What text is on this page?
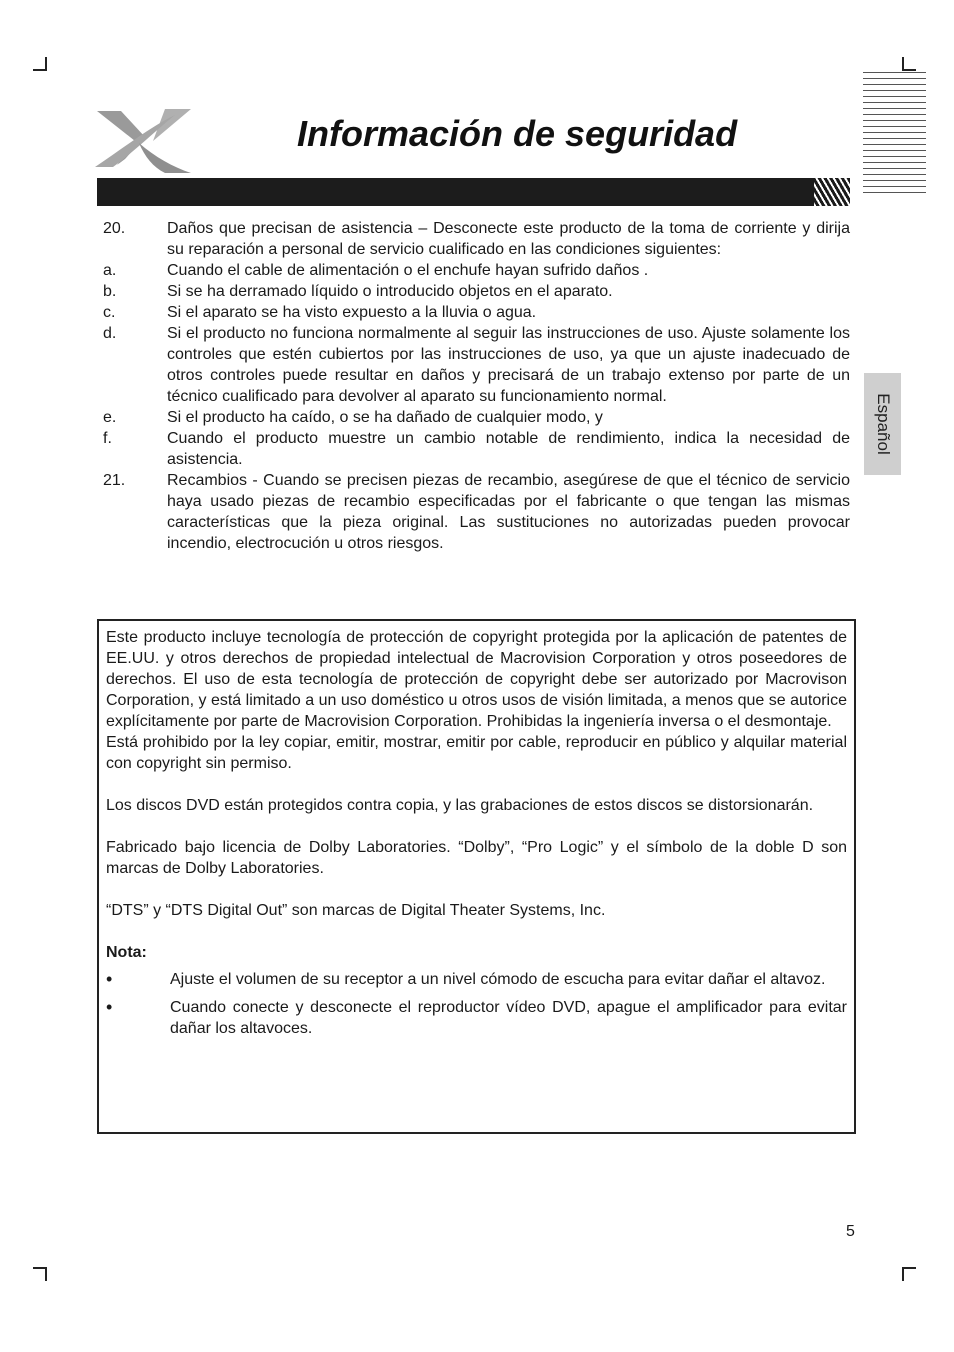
Información de seguridad
Español
20.	Daños que precisan de asistencia – Desconecte este producto de la toma de corriente y dirija su reparación a personal de servicio cualificado en las condiciones siguientes:
a.	Cuando el cable de alimentación o el enchufe hayan sufrido daños .
b.	Si se ha derramado líquido o introducido objetos en el aparato.
c.	Si el aparato se ha visto expuesto a la lluvia o agua.
d.	Si el producto no funciona normalmente al seguir las instrucciones de uso. Ajuste solamente los controles que estén cubiertos por las instrucciones de uso, ya que un ajuste inadecuado de otros controles puede resultar en daños y precisará de un trabajo extenso por parte de un técnico cualificado para devolver al aparato su funcionamiento normal.
e.	Si el producto ha caído, o se ha dañado de cualquier modo, y
f.	Cuando el producto muestre un cambio notable de rendimiento, indica la necesidad de asistencia.
21.	Recambios - Cuando se precisen piezas de recambio, asegúrese de que el técnico de servicio haya usado piezas de recambio especificadas por el fabricante o que tengan las mismas características que la pieza original. Las sustituciones no autorizadas pueden provocar incendio, electrocución u otros riesgos.

Este producto incluye tecnología de protección de copyright protegida por la aplicación de patentes de EE.UU. y otros derechos de propiedad intelectual de Macrovision Corporation y otros poseedores de derechos. El uso de esta tecnología de protección de copyright debe ser autorizado por Macrovison Corporation, y está limitado a un uso doméstico u otros usos de visión limitada, a menos que se autorice explícitamente por parte de Macrovision Corporation. Prohibidas la ingeniería inversa o el desmontaje.

Está prohibido por la ley copiar, emitir, mostrar, emitir por cable, reproducir en público y alquilar material con copyright sin permiso.

Los discos DVD están protegidos contra copia, y las grabaciones de estos discos se distorsionarán.

Fabricado bajo licencia de Dolby Laboratories. “Dolby”, “Pro Logic” y el símbolo de la doble D son marcas de Dolby Laboratories.

“DTS” y “DTS Digital Out” son marcas de Digital Theater Systems, Inc.

Nota:

•	Ajuste el volumen de su receptor a un nivel cómodo de escucha para evitar dañar el altavoz.
•	Cuando conecte y desconecte el reproductor vídeo DVD, apague el amplificador para evitar dañar los altavoces.
5
